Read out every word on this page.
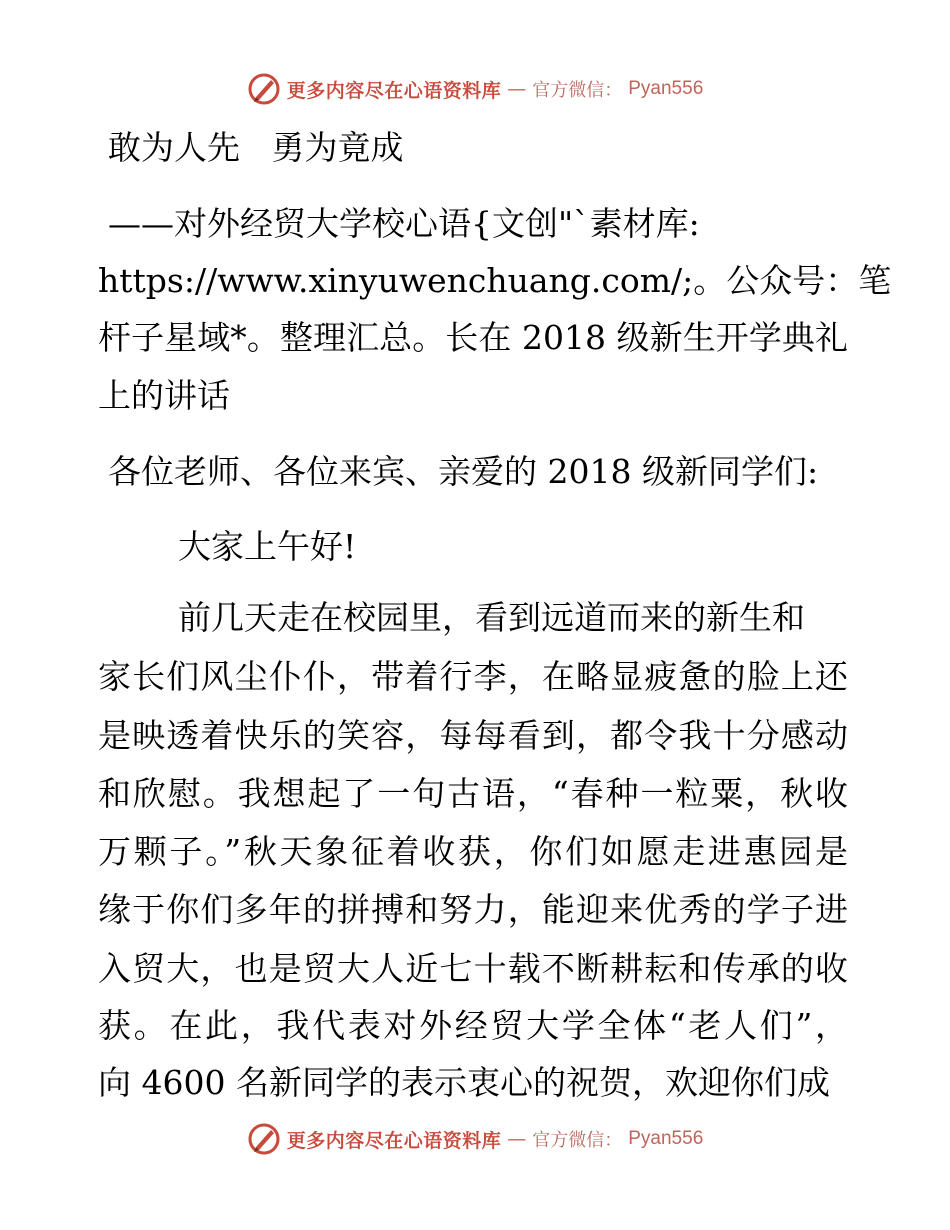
更多内容尽在心语资料库 — 官方微信： Pyan556
敢为人先   勇为竟成
——对外经贸大学校心语{文创"`素材库:
https://www.xinyuwenchuang.com/;。公众号：笔
杆子星域*。整理汇总。长在 2018 级新生开学典礼
上的讲话
各位老师、各位来宾、亲爱的 2018 级新同学们:
大家上午好!
前几天走在校园里，看到远道而来的新生和
家长们风尘仆仆，带着行李，在略显疲惫的脸上还
是映透着快乐的笑容，每每看到，都令我十分感动
和欣慰。我想起了一句古语，“春种一粒粟，秋收
万颗子。”秋天象征着收获，你们如愿走进惠园是
缘于你们多年的拼搏和努力，能迎来优秀的学子进
入贸大，也是贸大人近七十载不断耕耘和传承的收
获。在此，我代表对外经贸大学全体“老人们”，
向 4600 名新同学的表示衷心的祝贺，欢迎你们成
更多内容尽在心语资料库 — 官方微信： Pyan556
